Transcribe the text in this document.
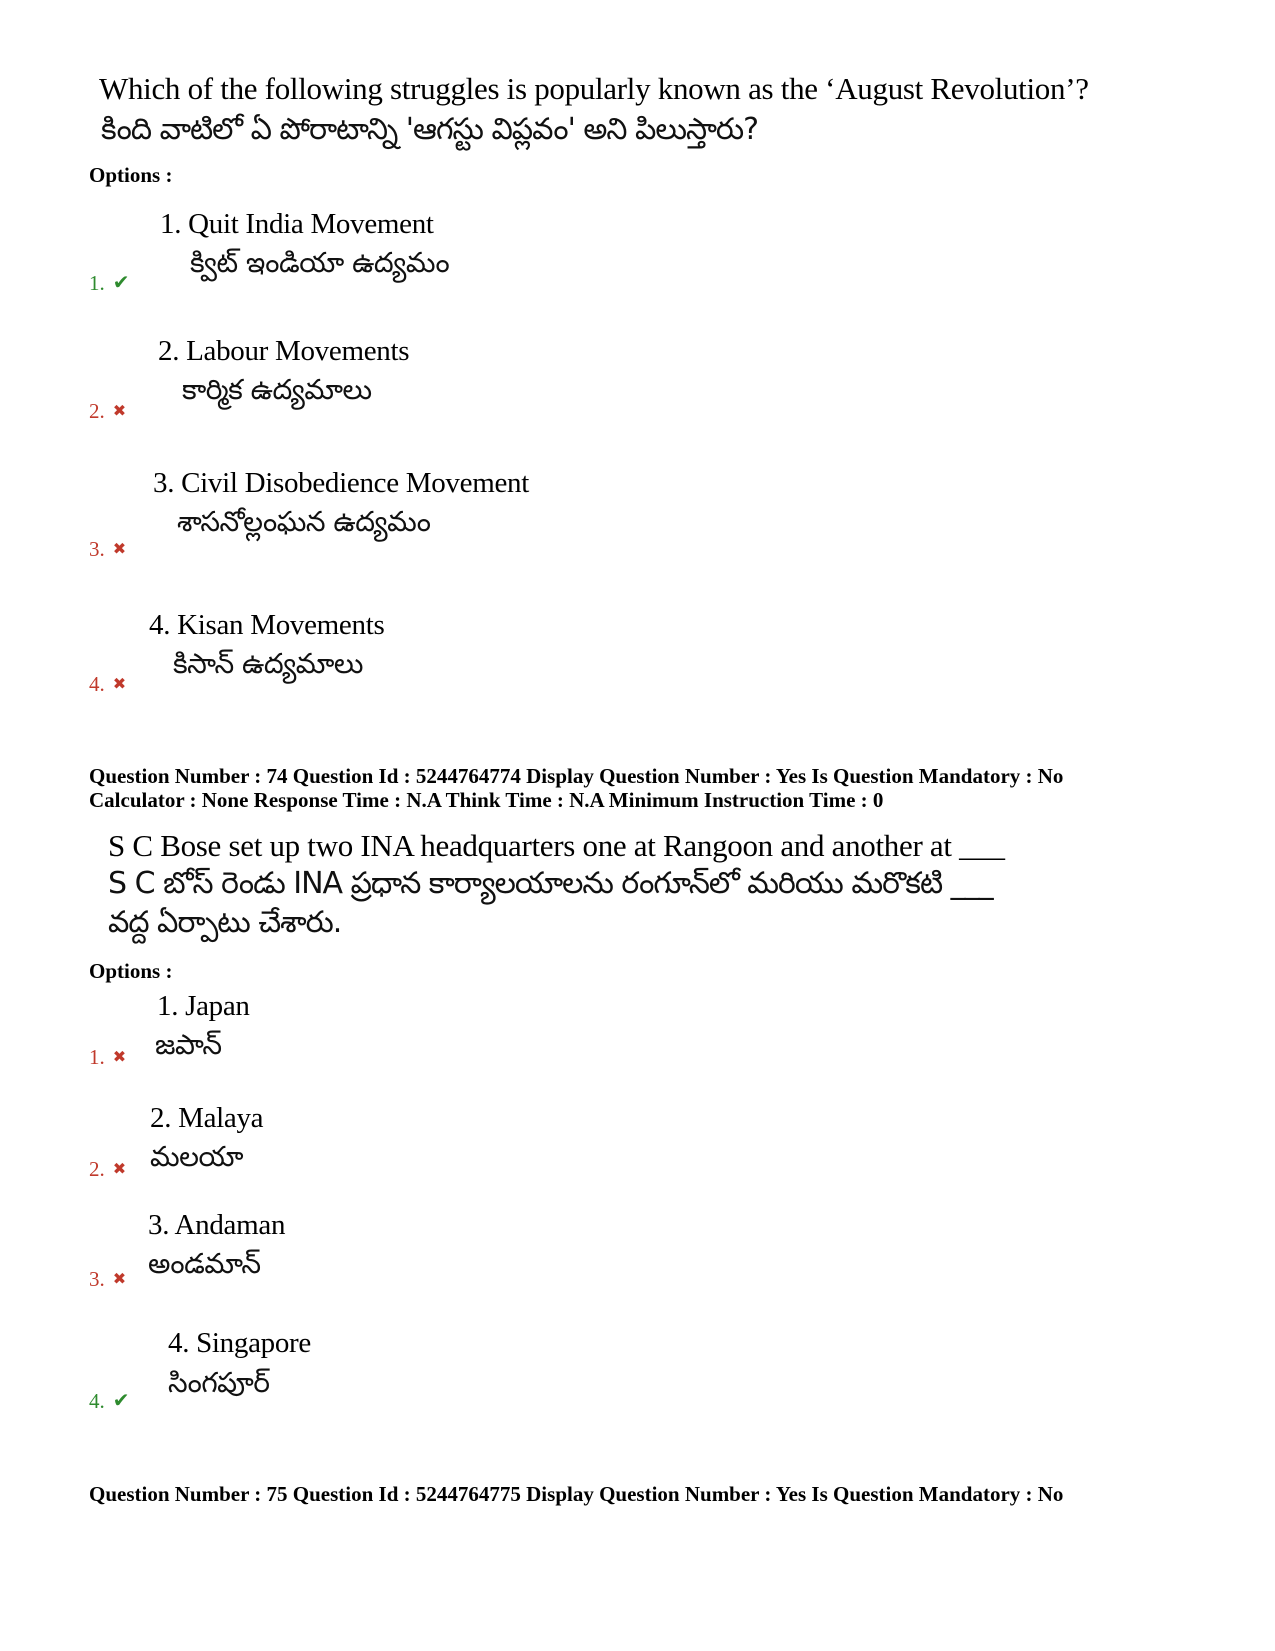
Which of the following struggles is popularly known as the ‘August Revolution’?
కింది వాటిలో ఏ పోరాటాన్ని 'ఆగస్టు విప్లవం' అని పిలుస్తారు?
Options :
1. Quit India Movement
క్విట్ ఇండియా ఉద్యమం
1. ✔
2. Labour Movements
కార్మిక ఉద్యమాలు
2. ✖
3. Civil Disobedience Movement
శాసనోల్లంఘన ఉద్యమం
3. ✖
4. Kisan Movements
కిసాన్ ఉద్యమాలు
4. ✖
Question Number : 74 Question Id : 5244764774 Display Question Number : Yes Is Question Mandatory : No
Calculator : None Response Time : N.A Think Time : N.A Minimum Instruction Time : 0
S C Bose set up two INA headquarters one at Rangoon and another at ___
S C బోస్ రెండు INA ప్రధాన కార్యాలయాలను రంగూన్‌లో మరియు మరొకటి ___
వద్ద ఏర్పాటు చేశారు.
Options :
1. Japan
జపాన్
1. ✖
2. Malaya
మలయా
2. ✖
3. Andaman
అండమాన్
3. ✖
4. Singapore
సింగపూర్
4. ✔
Question Number : 75 Question Id : 5244764775 Display Question Number : Yes Is Question Mandatory : No
